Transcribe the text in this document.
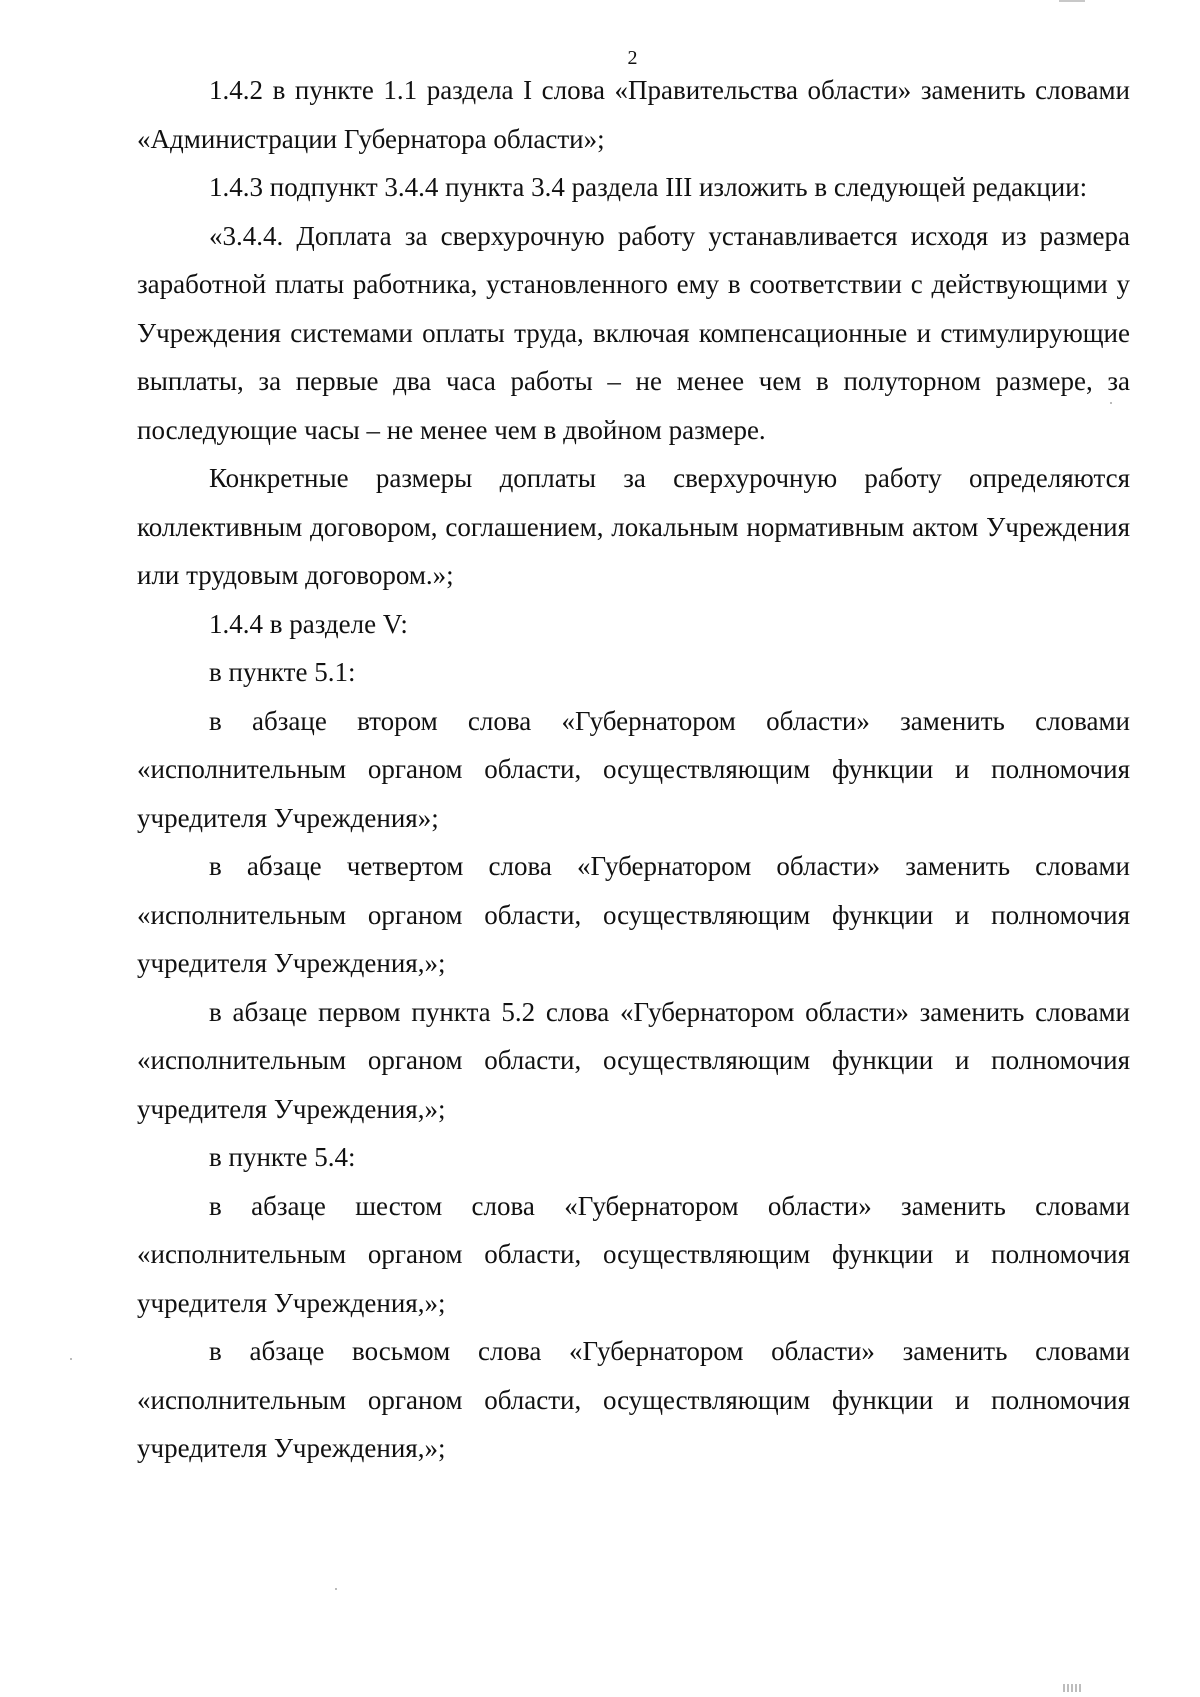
2

1.4.2 в пункте 1.1 раздела I слова «Правительства области» заменить словами «Администрации Губернатора области»;

1.4.3 подпункт 3.4.4 пункта 3.4 раздела III изложить в следующей редакции:

«3.4.4. Доплата за сверхурочную работу устанавливается исходя из размера заработной платы работника, установленного ему в соответствии с действующими у Учреждения системами оплаты труда, включая компенсационные и стимулирующие выплаты, за первые два часа работы – не менее чем в полуторном размере, за последующие часы – не менее чем в двойном размере.

Конкретные размеры доплаты за сверхурочную работу определяются коллективным договором, соглашением, локальным нормативным актом Учреждения или трудовым договором.»;

1.4.4 в разделе V:

в пункте 5.1:

в абзаце втором слова «Губернатором области» заменить словами «исполнительным органом области, осуществляющим функции и полномочия учредителя Учреждения»;

в абзаце четвертом слова «Губернатором области» заменить словами «исполнительным органом области, осуществляющим функции и полномочия учредителя Учреждения,»;

в абзаце первом пункта 5.2 слова «Губернатором области» заменить словами «исполнительным органом области, осуществляющим функции и полномочия учредителя Учреждения,»;

в пункте 5.4:

в абзаце шестом слова «Губернатором области» заменить словами «исполнительным органом области, осуществляющим функции и полномочия учредителя Учреждения,»;

в абзаце восьмом слова «Губернатором области» заменить словами «исполнительным органом области, осуществляющим функции и полномочия учредителя Учреждения,»;
